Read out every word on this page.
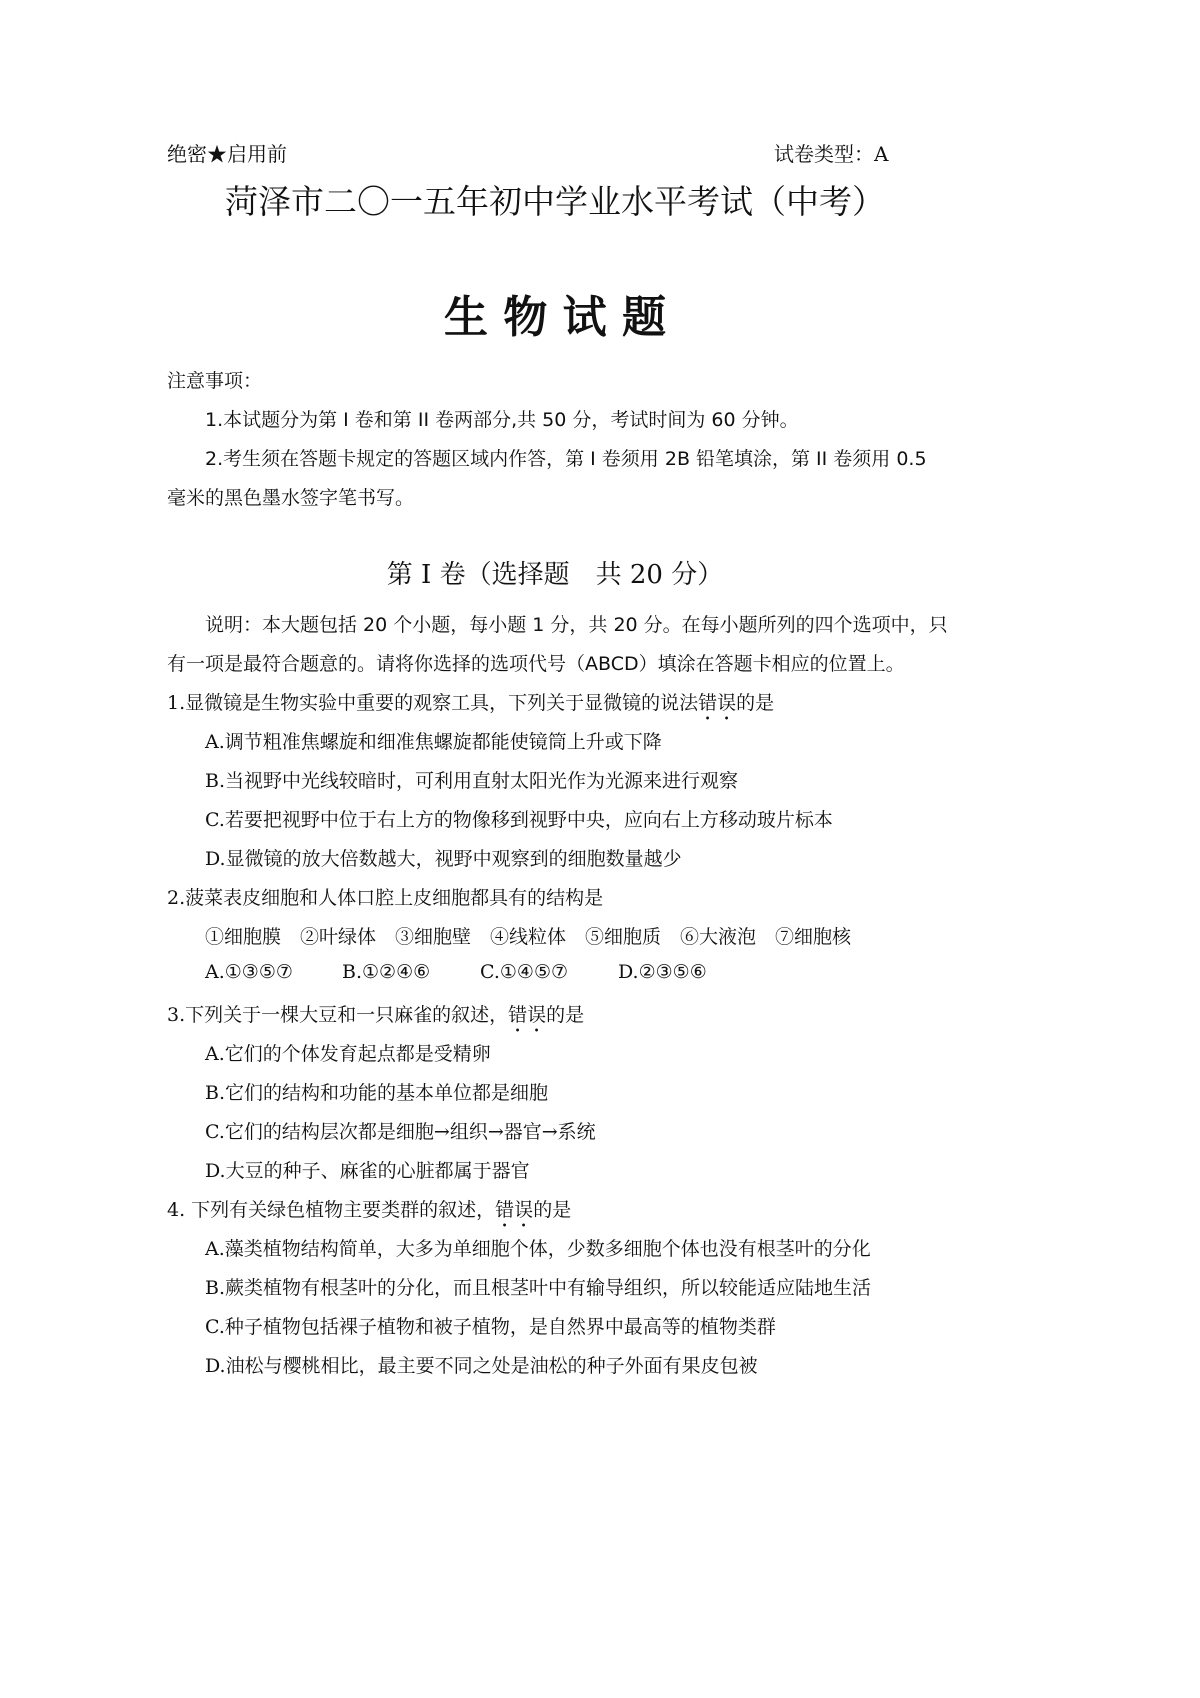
绝密★启用前	试卷类型：A
菏泽市二〇一五年初中学业水平考试（中考）
生 物 试 题
注意事项：
1.本试题分为第 I 卷和第 II 卷两部分,共 50 分，考试时间为 60 分钟。
2.考生须在答题卡规定的答题区域内作答，第 I 卷须用 2B 铅笔填涂，第 II 卷须用 0.5
毫米的黑色墨水签字笔书写。
第 I 卷（选择题　共 20 分）
说明：本大题包括 20 个小题，每小题 1 分，共 20 分。在每小题所列的四个选项中，只
有一项是最符合题意的。请将你选择的选项代号（ABCD）填涂在答题卡相应的位置上。
1.显微镜是生物实验中重要的观察工具，下列关于显微镜的说法错误的是
A.调节粗准焦螺旋和细准焦螺旋都能使镜筒上升或下降
B.当视野中光线较暗时，可利用直射太阳光作为光源来进行观察
C.若要把视野中位于右上方的物像移到视野中央，应向右上方移动玻片标本
D.显微镜的放大倍数越大，视野中观察到的细胞数量越少
2.菠菜表皮细胞和人体口腔上皮细胞都具有的结构是
①细胞膜　②叶绿体　③细胞壁　④线粒体　⑤细胞质　⑥大液泡　⑦细胞核
A.①③⑤⑦	B.①②④⑥	C.①④⑤⑦	D.②③⑤⑥
3.下列关于一棵大豆和一只麻雀的叙述，错误的是
A.它们的个体发育起点都是受精卵
B.它们的结构和功能的基本单位都是细胞
C.它们的结构层次都是细胞→组织→器官→系统
D.大豆的种子、麻雀的心脏都属于器官
4. 下列有关绿色植物主要类群的叙述，错误的是
A.藻类植物结构简单，大多为单细胞个体，少数多细胞个体也没有根茎叶的分化
B.蕨类植物有根茎叶的分化，而且根茎叶中有输导组织，所以较能适应陆地生活
C.种子植物包括裸子植物和被子植物，是自然界中最高等的植物类群
D.油松与樱桃相比，最主要不同之处是油松的种子外面有果皮包被
